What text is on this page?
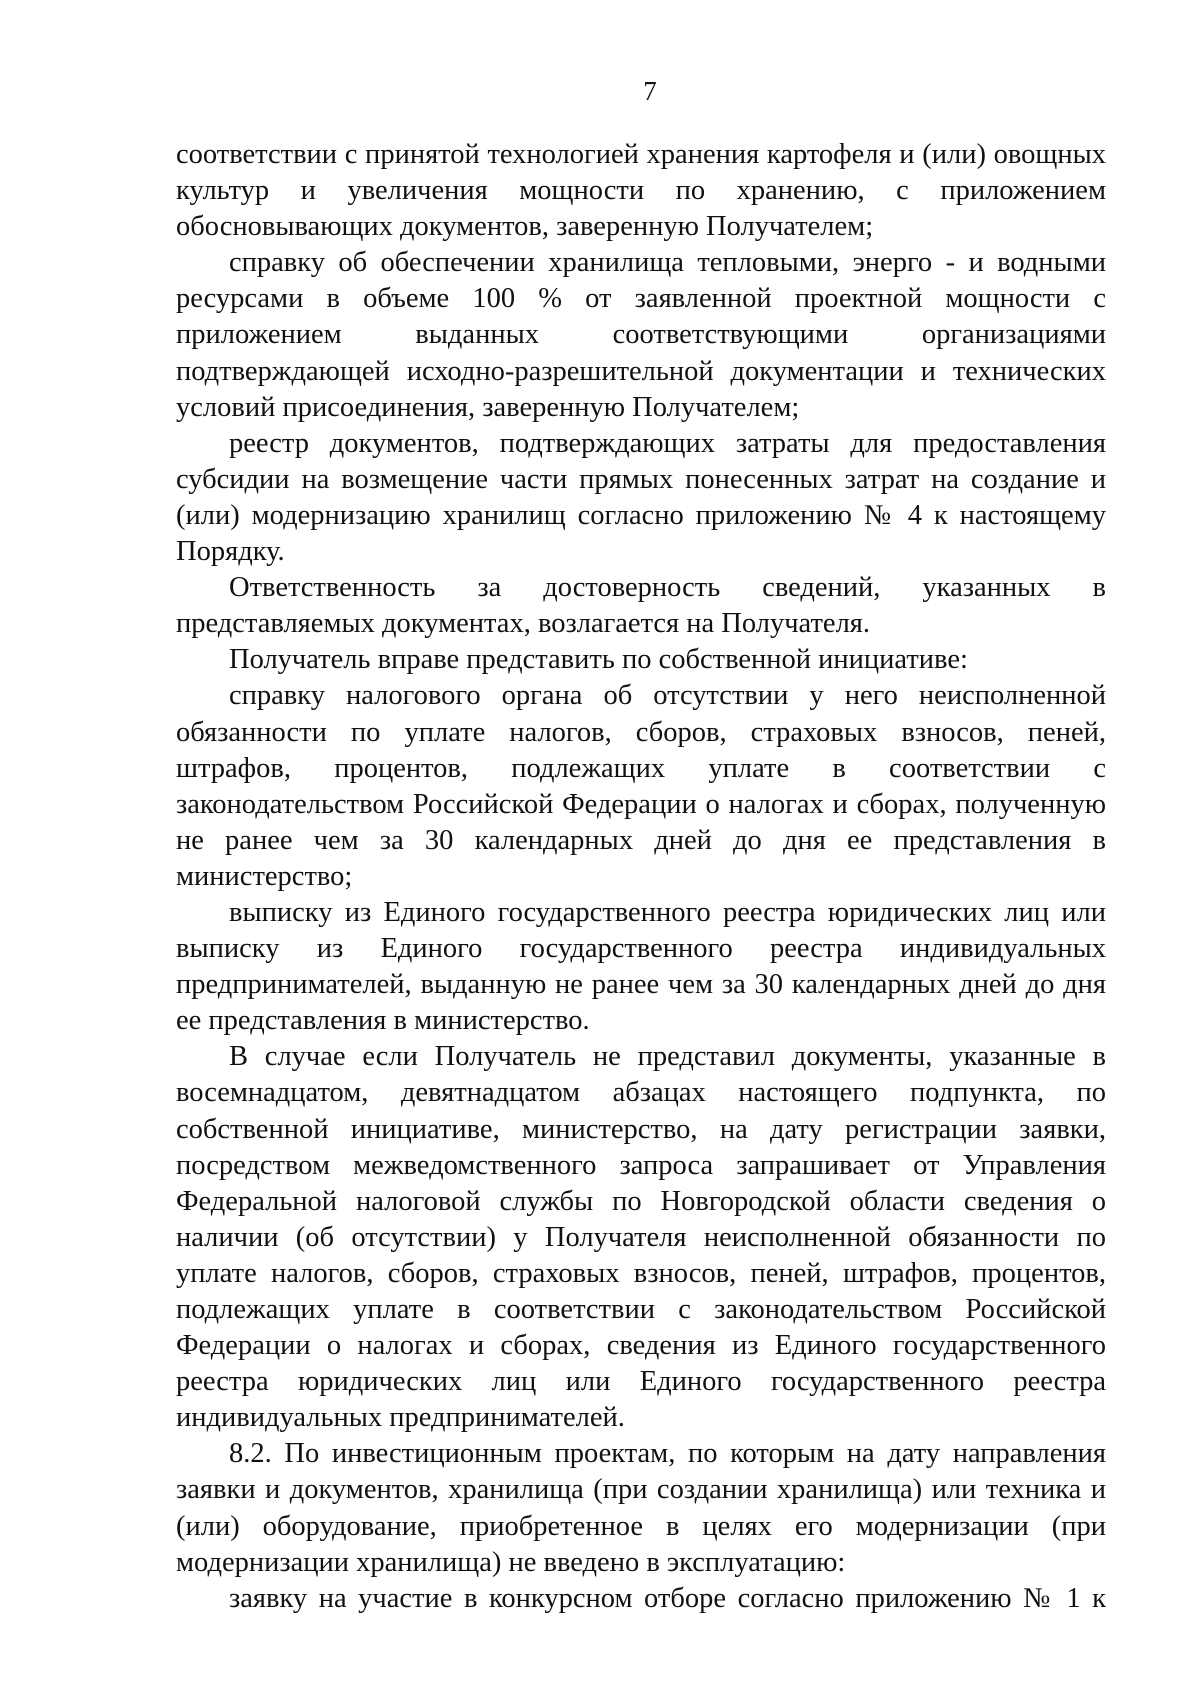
7

соответствии с принятой технологией хранения картофеля и (или) овощных культур и увеличения мощности по хранению, с приложением обосновывающих документов, заверенную Получателем;

справку об обеспечении хранилища тепловыми, энерго - и водными ресурсами в объеме 100 % от заявленной проектной мощности с приложением выданных соответствующими организациями подтверждающей исходно-разрешительной документации и технических условий присоединения, заверенную Получателем;

реестр документов, подтверждающих затраты для предоставления субсидии на возмещение части прямых понесенных затрат на создание и (или) модернизацию хранилищ согласно приложению № 4 к настоящему Порядку.

Ответственность за достоверность сведений, указанных в представляемых документах, возлагается на Получателя.

Получатель вправе представить по собственной инициативе:

справку налогового органа об отсутствии у него неисполненной обязанности по уплате налогов, сборов, страховых взносов, пеней, штрафов, процентов, подлежащих уплате в соответствии с законодательством Российской Федерации о налогах и сборах, полученную не ранее чем за 30 календарных дней до дня ее представления в министерство;

выписку из Единого государственного реестра юридических лиц или выписку из Единого государственного реестра индивидуальных предпринимателей, выданную не ранее чем за 30 календарных дней до дня ее представления в министерство.

В случае если Получатель не представил документы, указанные в восемнадцатом, девятнадцатом абзацах настоящего подпункта, по собственной инициативе, министерство, на дату регистрации заявки, посредством межведомственного запроса запрашивает от Управления Федеральной налоговой службы по Новгородской области сведения о наличии (об отсутствии) у Получателя неисполненной обязанности по уплате налогов, сборов, страховых взносов, пеней, штрафов, процентов, подлежащих уплате в соответствии с законодательством Российской Федерации о налогах и сборах, сведения из Единого государственного реестра юридических лиц или Единого государственного реестра индивидуальных предпринимателей.

8.2. По инвестиционным проектам, по которым на дату направления заявки и документов, хранилища (при создании хранилища) или техника и (или) оборудование, приобретенное в целях его модернизации (при модернизации хранилища) не введено в эксплуатацию:

заявку на участие в конкурсном отборе согласно приложению № 1 к
